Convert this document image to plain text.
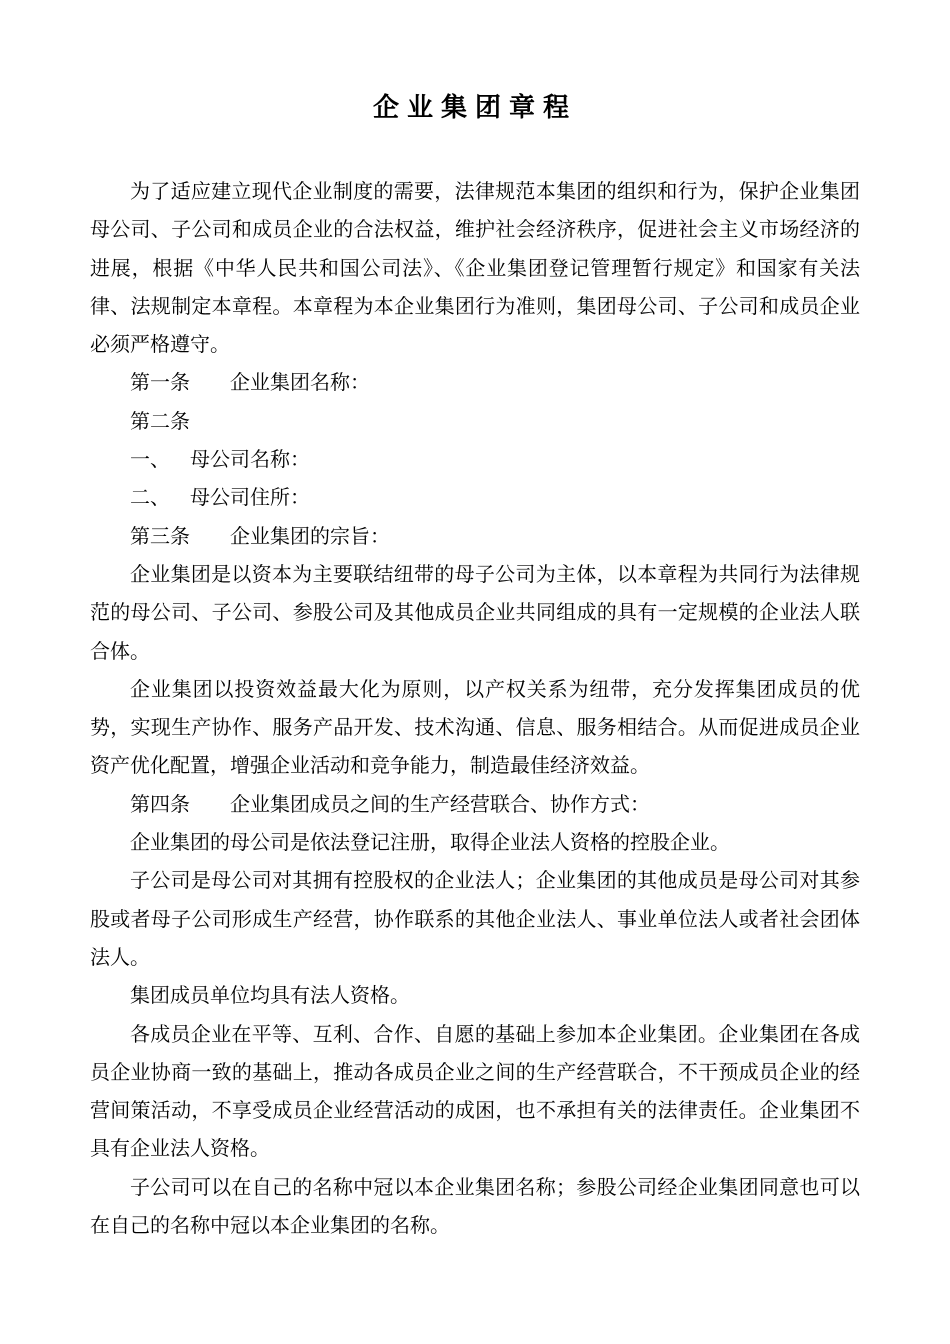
企业集团章程

为了适应建立现代企业制度的需要，法律规范本集团的组织和行为，保护企业集团母公司、子公司和成员企业的合法权益，维护社会经济秩序，促进社会主义市场经济的进展，根据《中华人民共和国公司法》、《企业集团登记管理暂行规定》和国家有关法律、法规制定本章程。本章程为本企业集团行为准则，集团母公司、子公司和成员企业必须严格遵守。

第一条 企业集团名称：

第二条

一、 母公司名称：

二、 母公司住所：

第三条 企业集团的宗旨：

企业集团是以资本为主要联结纽带的母子公司为主体，以本章程为共同行为法律规范的母公司、子公司、参股公司及其他成员企业共同组成的具有一定规模的企业法人联合体。

企业集团以投资效益最大化为原则，以产权关系为纽带，充分发挥集团成员的优势，实现生产协作、服务产品开发、技术沟通、信息、服务相结合。从而促进成员企业资产优化配置，增强企业活动和竞争能力，制造最佳经济效益。

第四条 企业集团成员之间的生产经营联合、协作方式：

企业集团的母公司是依法登记注册，取得企业法人资格的控股企业。

子公司是母公司对其拥有控股权的企业法人；企业集团的其他成员是母公司对其参股或者母子公司形成生产经营，协作联系的其他企业法人、事业单位法人或者社会团体法人。

集团成员单位均具有法人资格。

各成员企业在平等、互利、合作、自愿的基础上参加本企业集团。企业集团在各成员企业协商一致的基础上，推动各成员企业之间的生产经营联合，不干预成员企业的经营间策活动，不享受成员企业经营活动的成困，也不承担有关的法律责任。企业集团不具有企业法人资格。

子公司可以在自己的名称中冠以本企业集团名称；参股公司经企业集团同意也可以在自己的名称中冠以本企业集团的名称。
